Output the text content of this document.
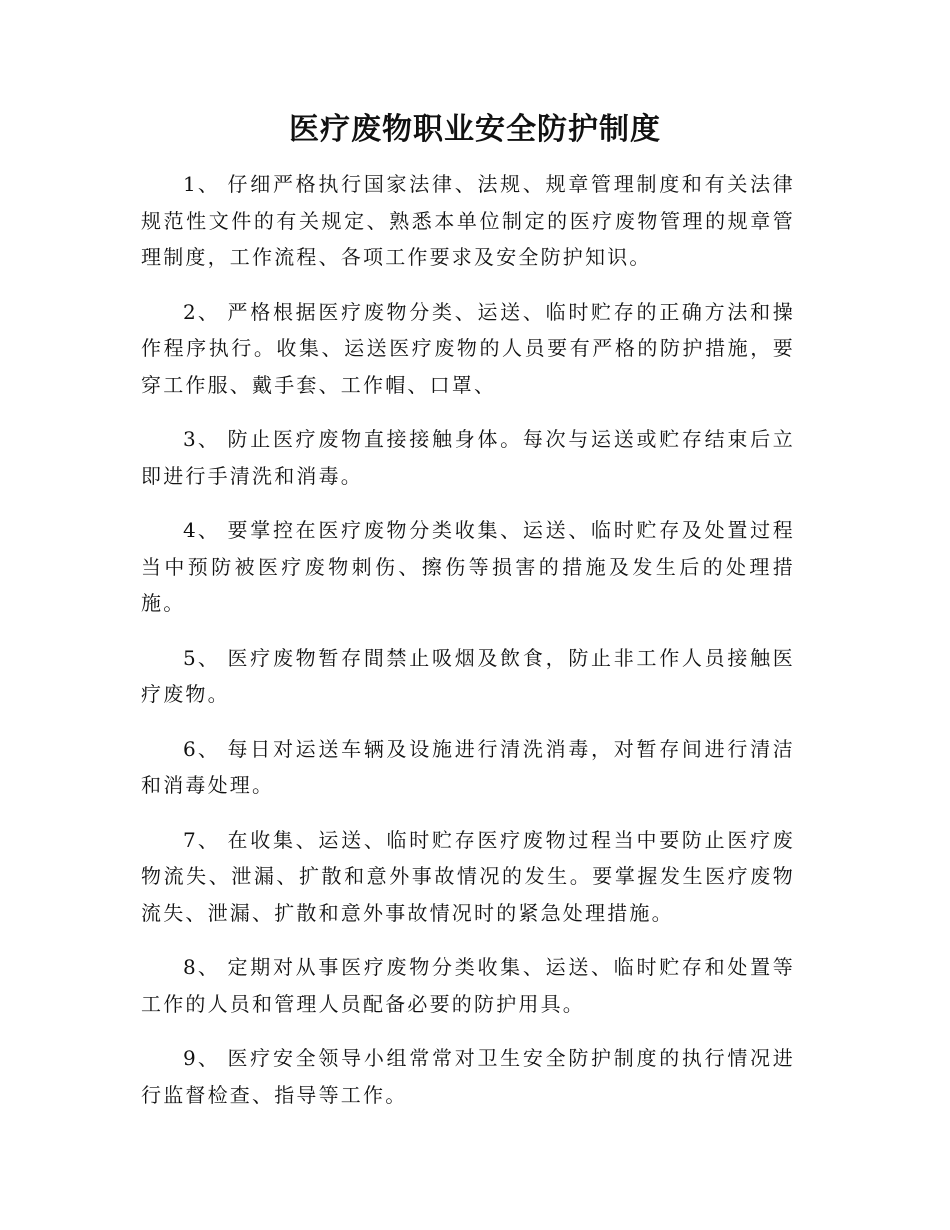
医疗废物职业安全防护制度

1、 仔细严格执行国家法律、法规、规章管理制度和有关法律规范性文件的有关规定、熟悉本单位制定的医疗废物管理的规章管理制度，工作流程、各项工作要求及安全防护知识。

2、 严格根据医疗废物分类、运送、临时贮存的正确方法和操作程序执行。收集、运送医疗废物的人员要有严格的防护措施，要穿工作服、戴手套、工作帽、口罩、

3、 防止医疗废物直接接触身体。每次与运送或贮存结束后立即进行手清洗和消毒。

4、 要掌控在医疗废物分类收集、运送、临时贮存及处置过程当中预防被医疗废物刺伤、擦伤等损害的措施及发生后的处理措施。

5、 医疗废物暂存間禁止吸烟及飲食，防止非工作人员接触医疗废物。

6、 每日对运送车辆及设施进行清洗消毒，对暂存间进行清洁和消毒处理。

7、 在收集、运送、临时贮存医疗废物过程当中要防止医疗废物流失、泄漏、扩散和意外事故情况的发生。要掌握发生医疗废物流失、泄漏、扩散和意外事故情况时的紧急处理措施。

8、 定期对从事医疗废物分类收集、运送、临时贮存和处置等工作的人员和管理人员配备必要的防护用具。

9、 医疗安全领导小组常常对卫生安全防护制度的执行情况进行监督检查、指导等工作。
